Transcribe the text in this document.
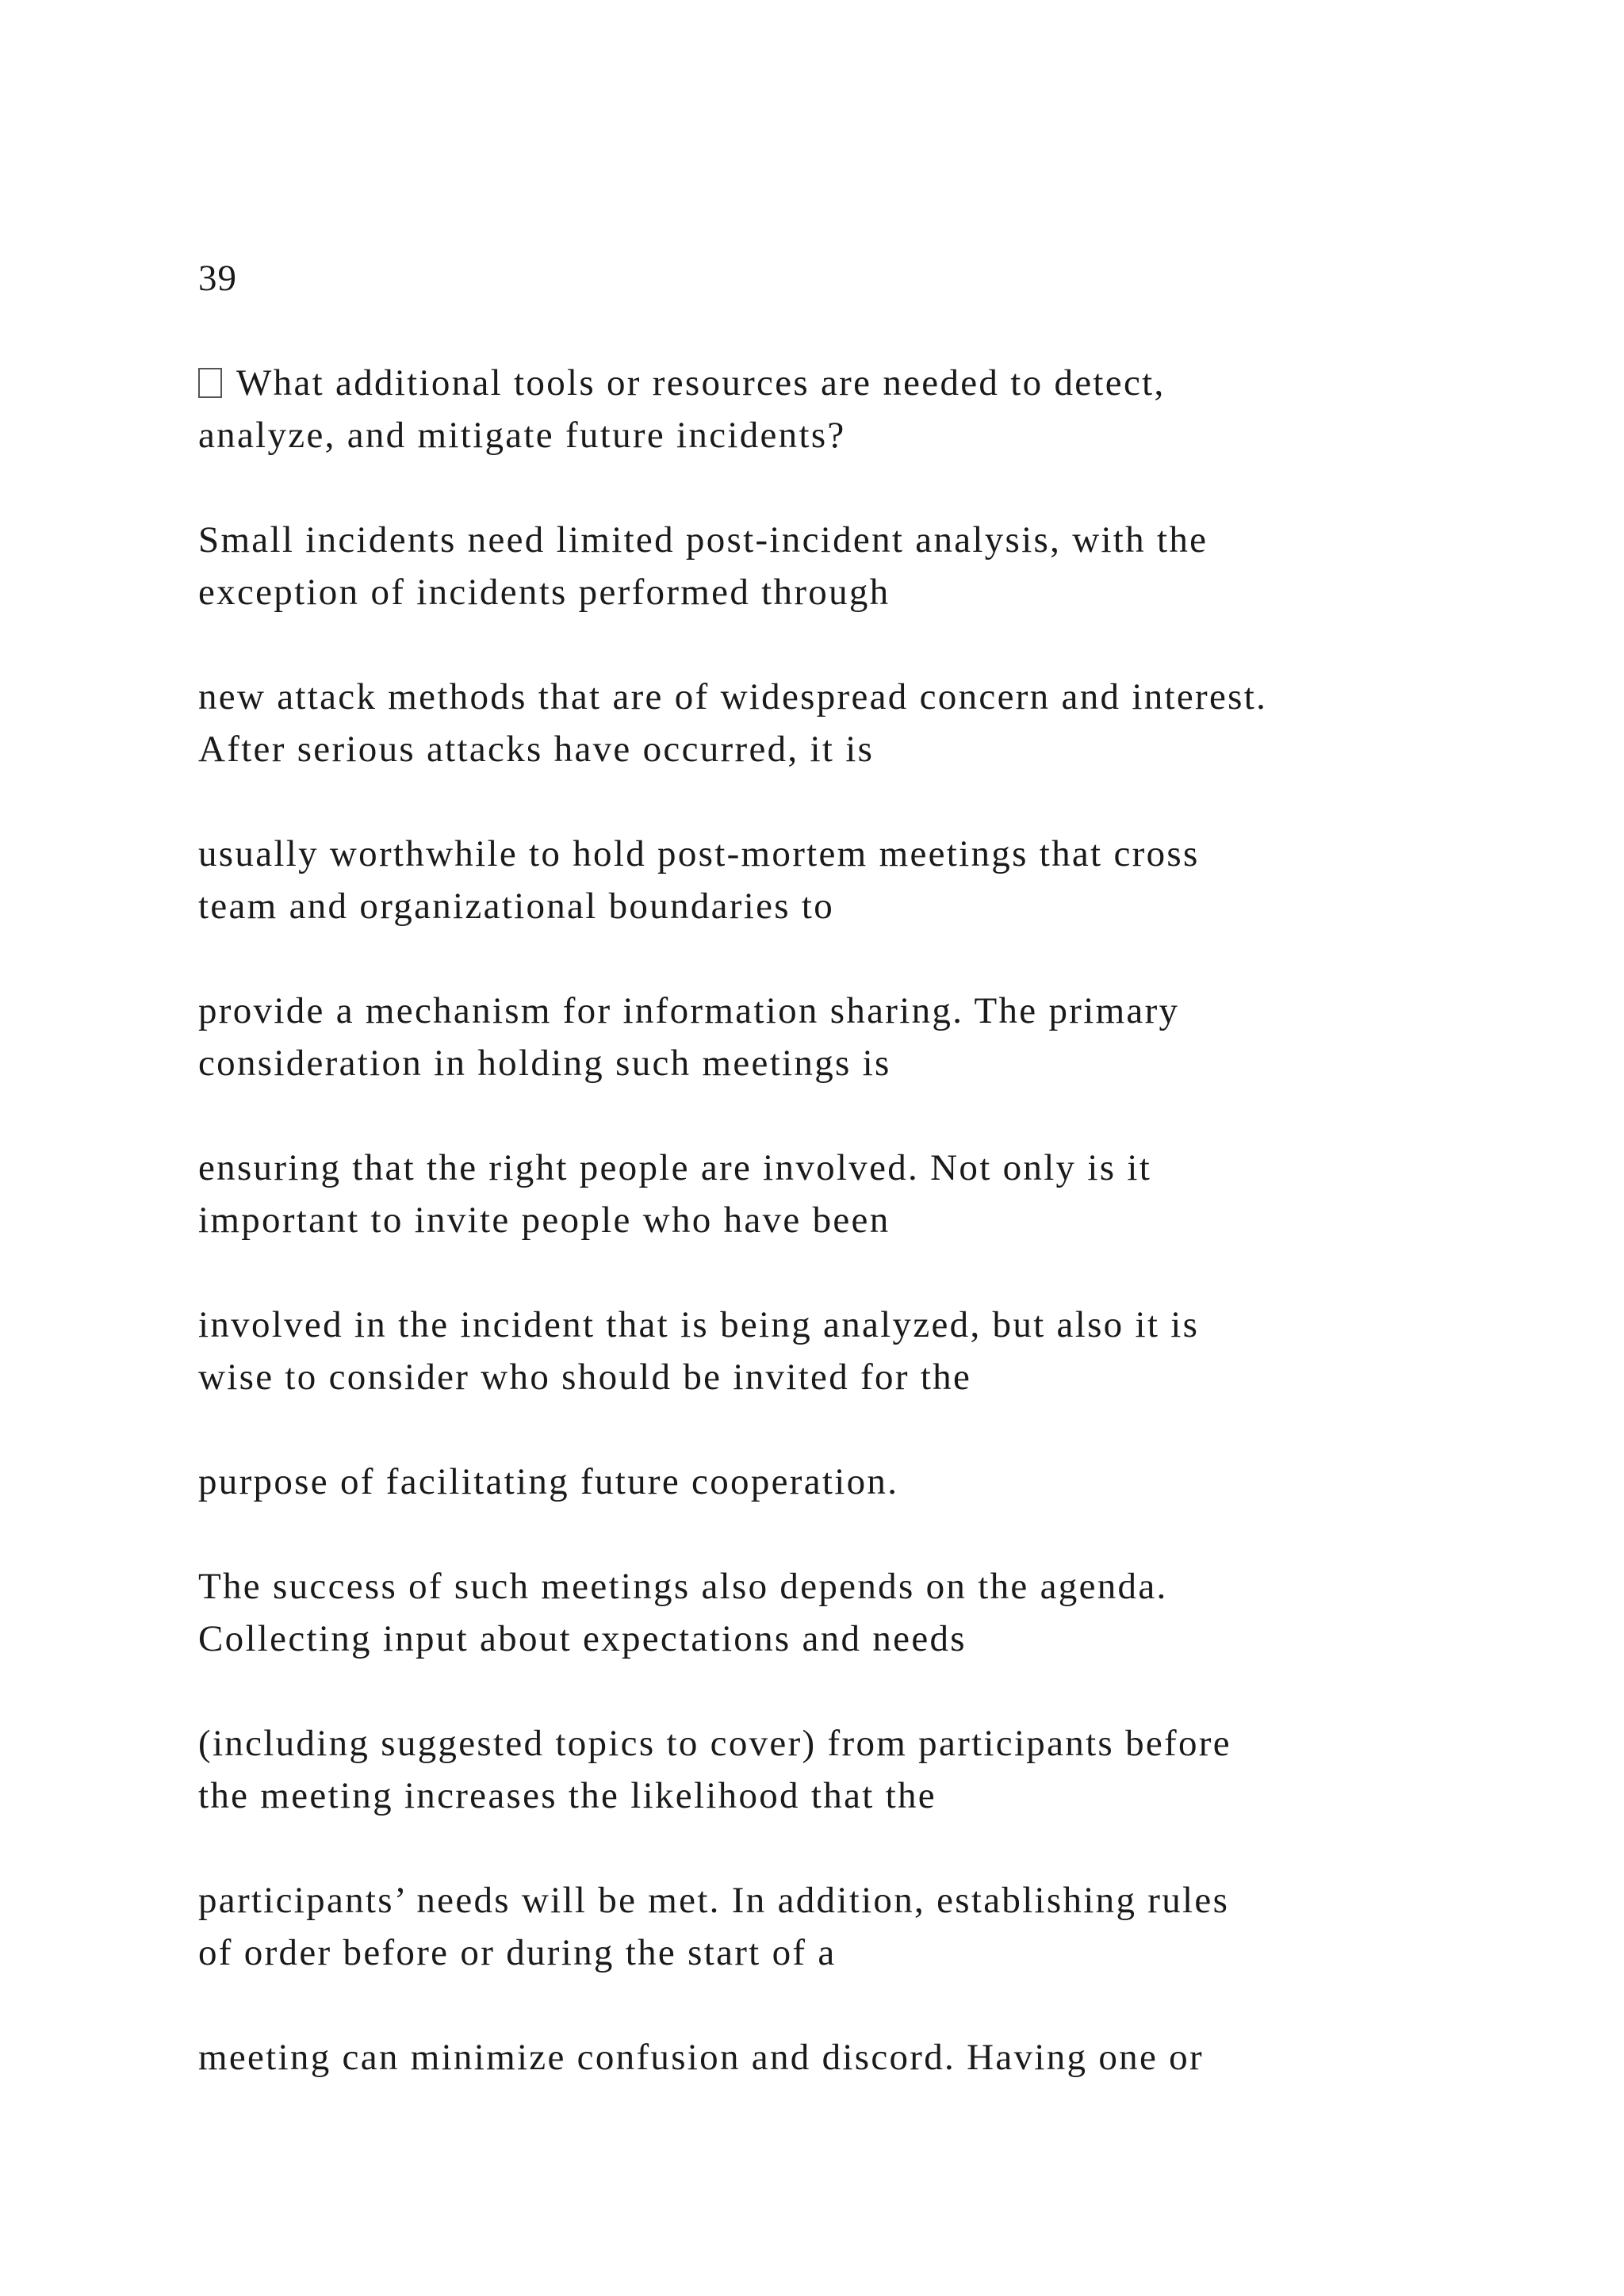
39
What additional tools or resources are needed to detect,
analyze, and mitigate future incidents?
Small incidents need limited post-incident analysis, with the
exception of incidents performed through
new attack methods that are of widespread concern and interest.
After serious attacks have occurred, it is
usually worthwhile to hold post-mortem meetings that cross
team and organizational boundaries to
provide a mechanism for information sharing. The primary
consideration in holding such meetings is
ensuring that the right people are involved. Not only is it
important to invite people who have been
involved in the incident that is being analyzed, but also it is
wise to consider who should be invited for the
purpose of facilitating future cooperation.
The success of such meetings also depends on the agenda.
Collecting input about expectations and needs
(including suggested topics to cover) from participants before
the meeting increases the likelihood that the
participants’ needs will be met. In addition, establishing rules
of order before or during the start of a
meeting can minimize confusion and discord. Having one or
